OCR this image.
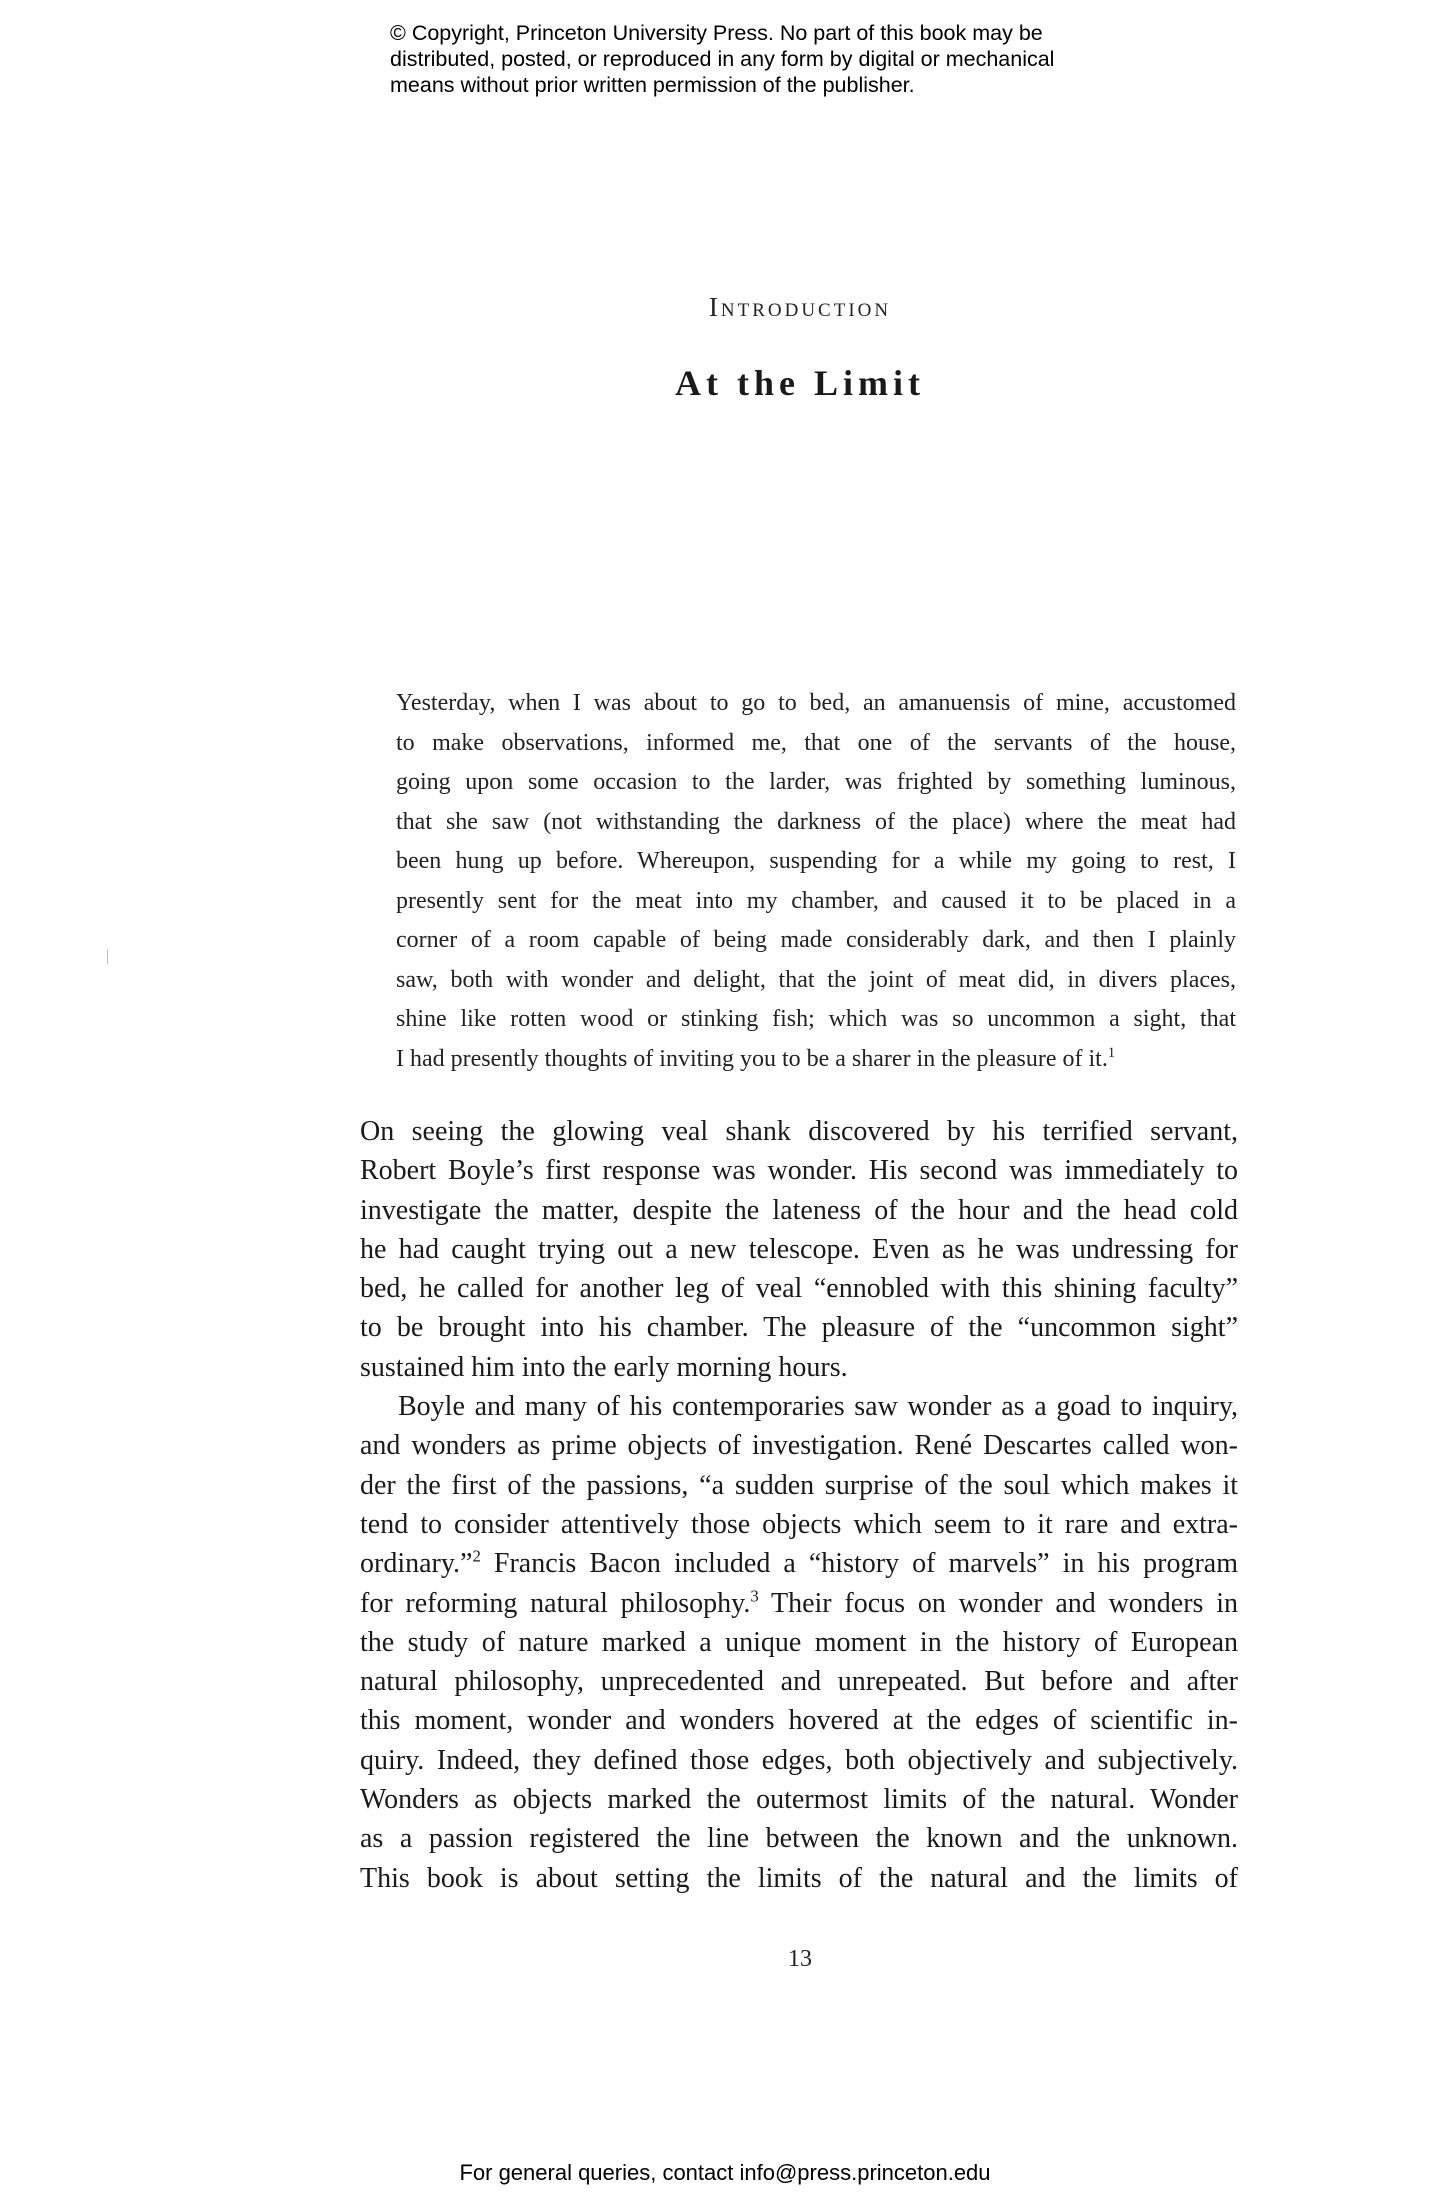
© Copyright, Princeton University Press. No part of this book may be
distributed, posted, or reproduced in any form by digital or mechanical
means without prior written permission of the publisher.
Introduction
At the Limit
Yesterday, when I was about to go to bed, an amanuensis of mine, accustomed
to make observations, informed me, that one of the servants of the house,
going upon some occasion to the larder, was frighted by something luminous,
that she saw (not withstanding the darkness of the place) where the meat had
been hung up before. Whereupon, suspending for a while my going to rest, I
presently sent for the meat into my chamber, and caused it to be placed in a
corner of a room capable of being made considerably dark, and then I plainly
saw, both with wonder and delight, that the joint of meat did, in divers places,
shine like rotten wood or stinking fish; which was so uncommon a sight, that
I had presently thoughts of inviting you to be a sharer in the pleasure of it.$^1$
On seeing the glowing veal shank discovered by his terrified servant,
Robert Boyle’s first response was wonder. His second was immediately to
investigate the matter, despite the lateness of the hour and the head cold
he had caught trying out a new telescope. Even as he was undressing for
bed, he called for another leg of veal “ennobled with this shining faculty”
to be brought into his chamber. The pleasure of the “uncommon sight”
sustained him into the early morning hours.
Boyle and many of his contemporaries saw wonder as a goad to inquiry,
and wonders as prime objects of investigation. René Descartes called won-
der the first of the passions, “a sudden surprise of the soul which makes it
tend to consider attentively those objects which seem to it rare and extra-
ordinary.”$^2$ Francis Bacon included a “history of marvels” in his program
for reforming natural philosophy.$^3$ Their focus on wonder and wonders in
the study of nature marked a unique moment in the history of European
natural philosophy, unprecedented and unrepeated. But before and after
this moment, wonder and wonders hovered at the edges of scientific in-
quiry. Indeed, they defined those edges, both objectively and subjectively.
Wonders as objects marked the outermost limits of the natural. Wonder
as a passion registered the line between the known and the unknown.
This book is about setting the limits of the natural and the limits of
13
For general queries, contact info@press.princeton.edu
